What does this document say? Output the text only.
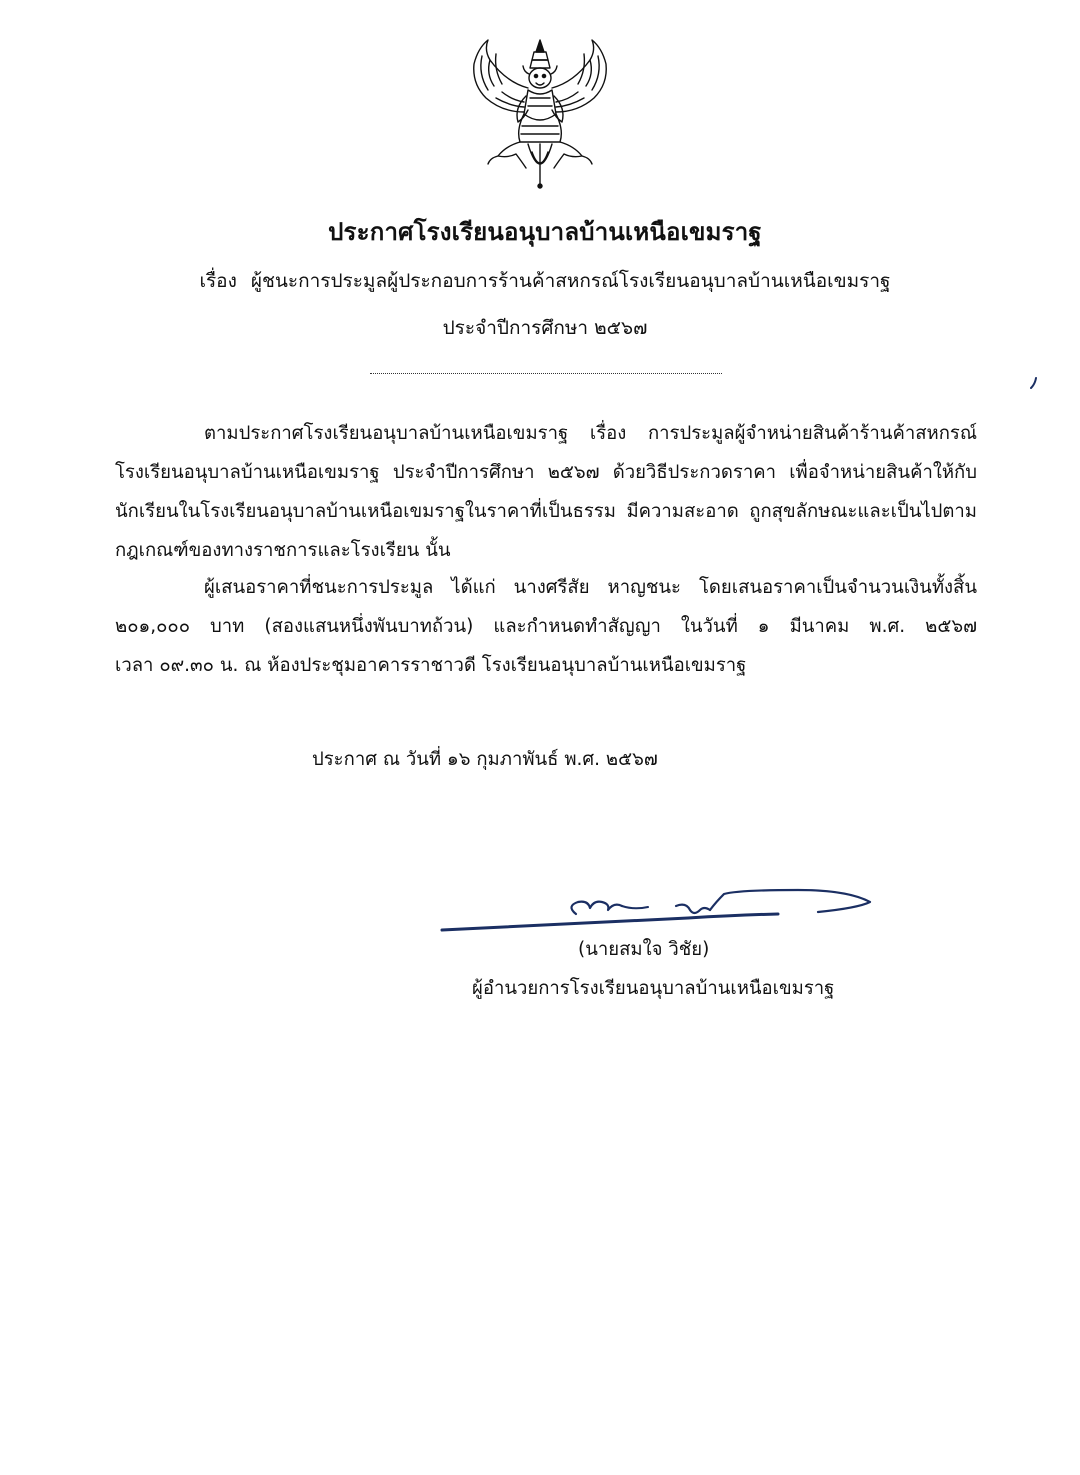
ประกาศโรงเรียนอนุบาลบ้านเหนือเขมราฐ
เรื่อง ผู้ชนะการประมูลผู้ประกอบการร้านค้าสหกรณ์โรงเรียนอนุบาลบ้านเหนือเขมราฐ
ประจำปีการศึกษา ๒๕๖๗
ตามประกาศโรงเรียนอนุบาลบ้านเหนือเขมราฐ เรื่อง การประมูลผู้จำหน่ายสินค้าร้านค้าสหกรณ์
โรงเรียนอนุบาลบ้านเหนือเขมราฐ ประจำปีการศึกษา ๒๕๖๗ ด้วยวิธีประกวดราคา เพื่อจำหน่ายสินค้าให้กับ
นักเรียนในโรงเรียนอนุบาลบ้านเหนือเขมราฐในราคาที่เป็นธรรม มีความสะอาด ถูกสุขลักษณะและเป็นไปตาม
กฎเกณฑ์ของทางราชการและโรงเรียน นั้น
ผู้เสนอราคาที่ชนะการประมูล ได้แก่ นางศรีสัย หาญชนะ โดยเสนอราคาเป็นจำนวนเงินทั้งสิ้น
๒๐๑,๐๐๐ บาท (สองแสนหนึ่งพันบาทถ้วน) และกำหนดทำสัญญา ในวันที่ ๑ มีนาคม พ.ศ. ๒๕๖๗
เวลา ๐๙.๓๐ น. ณ ห้องประชุมอาคารราชาวดี โรงเรียนอนุบาลบ้านเหนือเขมราฐ
ประกาศ ณ วันที่ ๑๖ กุมภาพันธ์ พ.ศ. ๒๕๖๗
(นายสมใจ วิชัย)
ผู้อำนวยการโรงเรียนอนุบาลบ้านเหนือเขมราฐ
